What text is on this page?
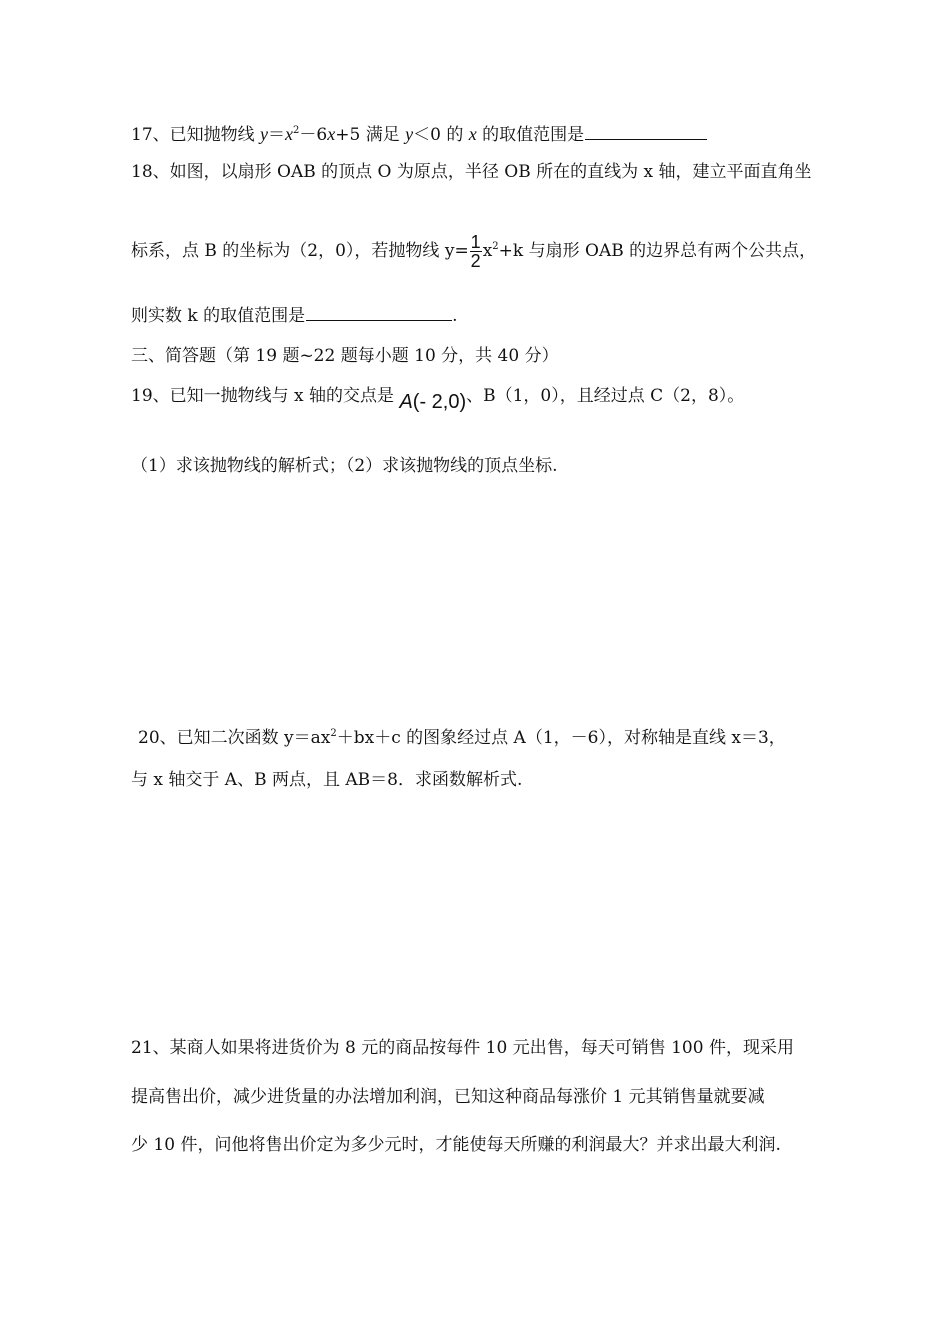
17、已知抛物线 $y=x^2-6x+5$ 满足 y＜0 的 x 的取值范围是
18、如图，以扇形 OAB 的顶点 O 为原点，半径 OB 所在的直线为 x 轴，建立平面直角坐
标系，点 B 的坐标为（2，0），若抛物线 $y= \frac{1}{2} x^2+k$ 与扇形 OAB 的边界总有两个公共点，
则实数 k 的取值范围是	.
三、简答题（第 19 题~22 题每小题 10 分，共 40 分）
19、已知一抛物线与 x 轴的交点是 A(- 2,0)、B（1，0），且经过点 C（2，8）。
（1）求该抛物线的解析式；（2）求该抛物线的顶点坐标.
20、已知二次函数 $y=ax^2+bx+c$ 的图象经过点 A（1，－6），对称轴是直线 x＝3，
与 x 轴交于 A、B 两点，且 AB＝8．求函数解析式.
21、某商人如果将进货价为 8 元的商品按每件 10 元出售，每天可销售 100 件，现采用
提高售出价，减少进货量的办法增加利润，已知这种商品每涨价 1 元其销售量就要减
少 10 件，问他将售出价定为多少元时，才能使每天所赚的利润最大？并求出最大利润.
